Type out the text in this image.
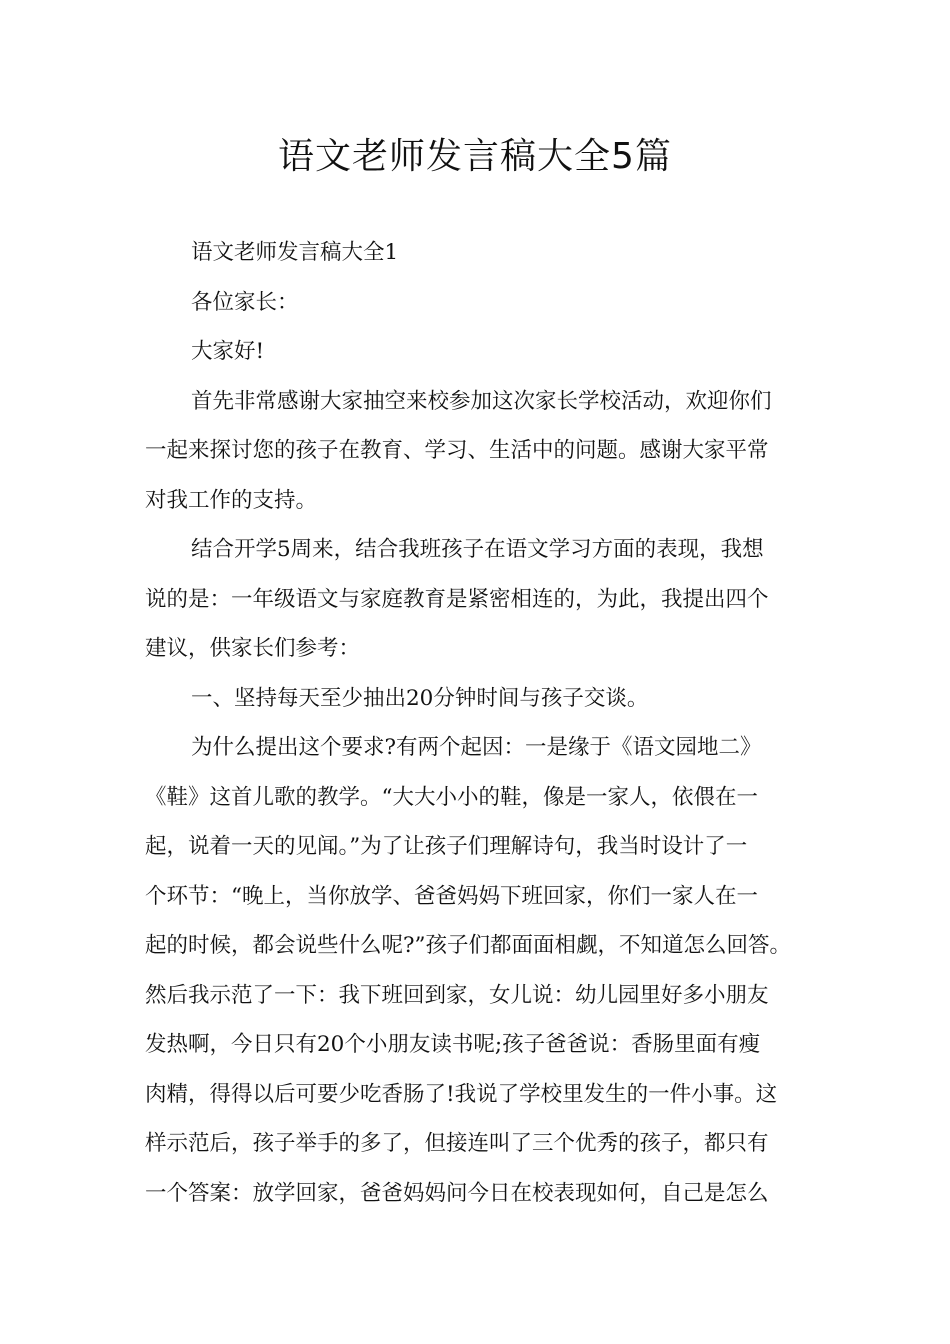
语文老师发言稿大全5篇
语文老师发言稿大全1
各位家长：
大家好!
首先非常感谢大家抽空来校参加这次家长学校活动，欢迎你们
一起来探讨您的孩子在教育、学习、生活中的问题。感谢大家平常
对我工作的支持。
结合开学5周来，结合我班孩子在语文学习方面的表现，我想
说的是：一年级语文与家庭教育是紧密相连的，为此，我提出四个
建议，供家长们参考：
一、坚持每天至少抽出20分钟时间与孩子交谈。
为什么提出这个要求?有两个起因：一是缘于《语文园地二》
《鞋》这首儿歌的教学。“大大小小的鞋，像是一家人，依偎在一
起，说着一天的见闻。”为了让孩子们理解诗句，我当时设计了一
个环节：“晚上，当你放学、爸爸妈妈下班回家，你们一家人在一
起的时候，都会说些什么呢?”孩子们都面面相觑，不知道怎么回答。
然后我示范了一下：我下班回到家，女儿说：幼儿园里好多小朋友
发热啊，今日只有20个小朋友读书呢;孩子爸爸说：香肠里面有瘦
肉精，得得以后可要少吃香肠了!我说了学校里发生的一件小事。这
样示范后，孩子举手的多了，但接连叫了三个优秀的孩子，都只有
一个答案：放学回家，爸爸妈妈问今日在校表现如何，自己是怎么
